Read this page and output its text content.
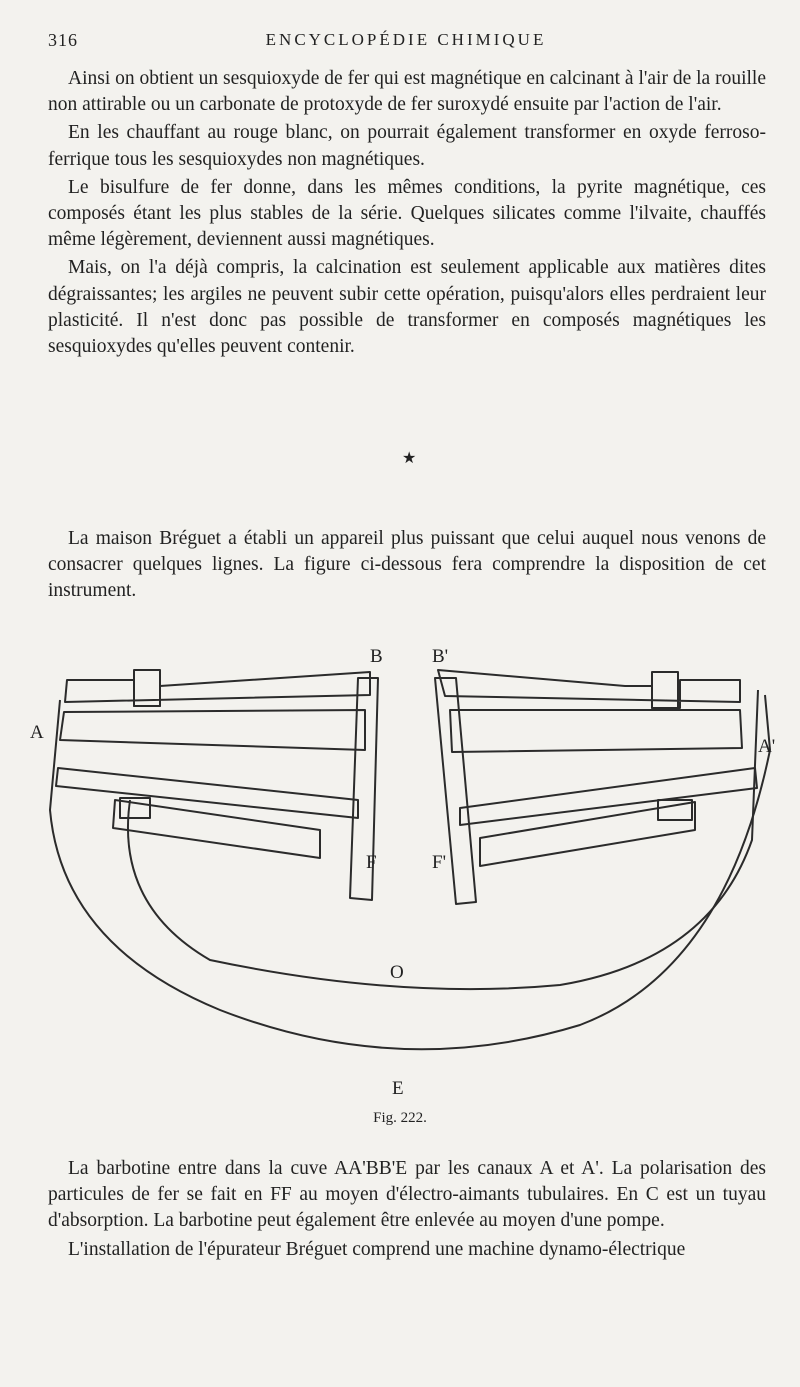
316	ENCYCLOPÉDIE CHIMIQUE

Ainsi on obtient un sesquioxyde de fer qui est magnétique en calcinant à l'air de la rouille non attirable ou un carbonate de protoxyde de fer suroxydé ensuite par l'action de l'air.

En les chauffant au rouge blanc, on pourrait également transformer en oxyde ferroso-ferrique tous les sesquioxydes non magnétiques.

Le bisulfure de fer donne, dans les mêmes conditions, la pyrite magnétique, ces composés étant les plus stables de la série. Quelques silicates comme l'ilvaite, chauffés même légèrement, deviennent aussi magnétiques.

Mais, on l'a déjà compris, la calcination est seulement applicable aux matières dites dégraissantes; les argiles ne peuvent subir cette opération, puisqu'alors elles perdraient leur plasticité. Il n'est donc pas possible de transformer en composés magnétiques les sesquioxydes qu'elles peuvent contenir.

★

La maison Bréguet a établi un appareil plus puissant que celui auquel nous venons de consacrer quelques lignes. La figure ci-dessous fera comprendre la disposition de cet instrument.

B	B'
A
A'
F	F'
O
E
Fig. 222.

La barbotine entre dans la cuve AA'BB'E par les canaux A et A'. La polarisation des particules de fer se fait en FF au moyen d'électro-aimants tubulaires. En C est un tuyau d'absorption. La barbotine peut également être enlevée au moyen d'une pompe.

L'installation de l'épurateur Bréguet comprend une machine dynamo-électrique
